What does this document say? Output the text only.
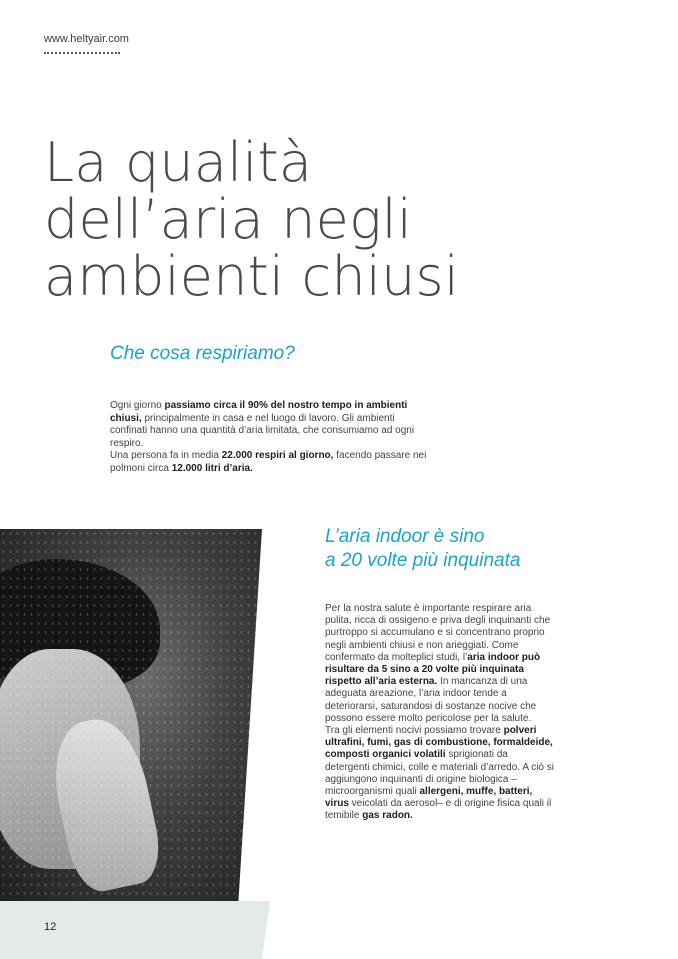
www.heltyair.com
La qualità
dell’aria negli
ambienti chiusi
Che cosa respiriamo?
Ogni giorno passiamo circa il 90% del nostro tempo in ambienti chiusi, principalmente in casa e nel luogo di lavoro. Gli ambienti confinati hanno una quantità d’aria limitata, che consumiamo ad ogni respiro.
Una persona fa in media 22.000 respiri al giorno, facendo passare nei polmoni circa 12.000 litri d’aria.
12
L’aria indoor è sino
a 20 volte più inquinata
Per la nostra salute è importante respirare aria pulita, ricca di ossigeno e priva degli inquinanti che purtroppo si accumulano e si concentrano proprio negli ambienti chiusi e non arieggiati. Come confermato da molteplici studi, l’aria indoor può risultare da 5 sino a 20 volte più inquinata rispetto all’aria esterna. In mancanza di una adeguata areazione, l’aria indoor tende a deteriorarsi, saturandosi di sostanze nocive che possono essere molto pericolose per la salute.
Tra gli elementi nocivi possiamo trovare polveri ultrafini, fumi, gas di combustione, formaldeide, composti organici volatili sprigionati da detergenti chimici, colle e materiali d’arredo. A ciò si aggiungono inquinanti di origine biologica – microorganismi quali allergeni, muffe, batteri, virus veicolati da aerosol– e di origine fisica quali il temibile gas radon.
